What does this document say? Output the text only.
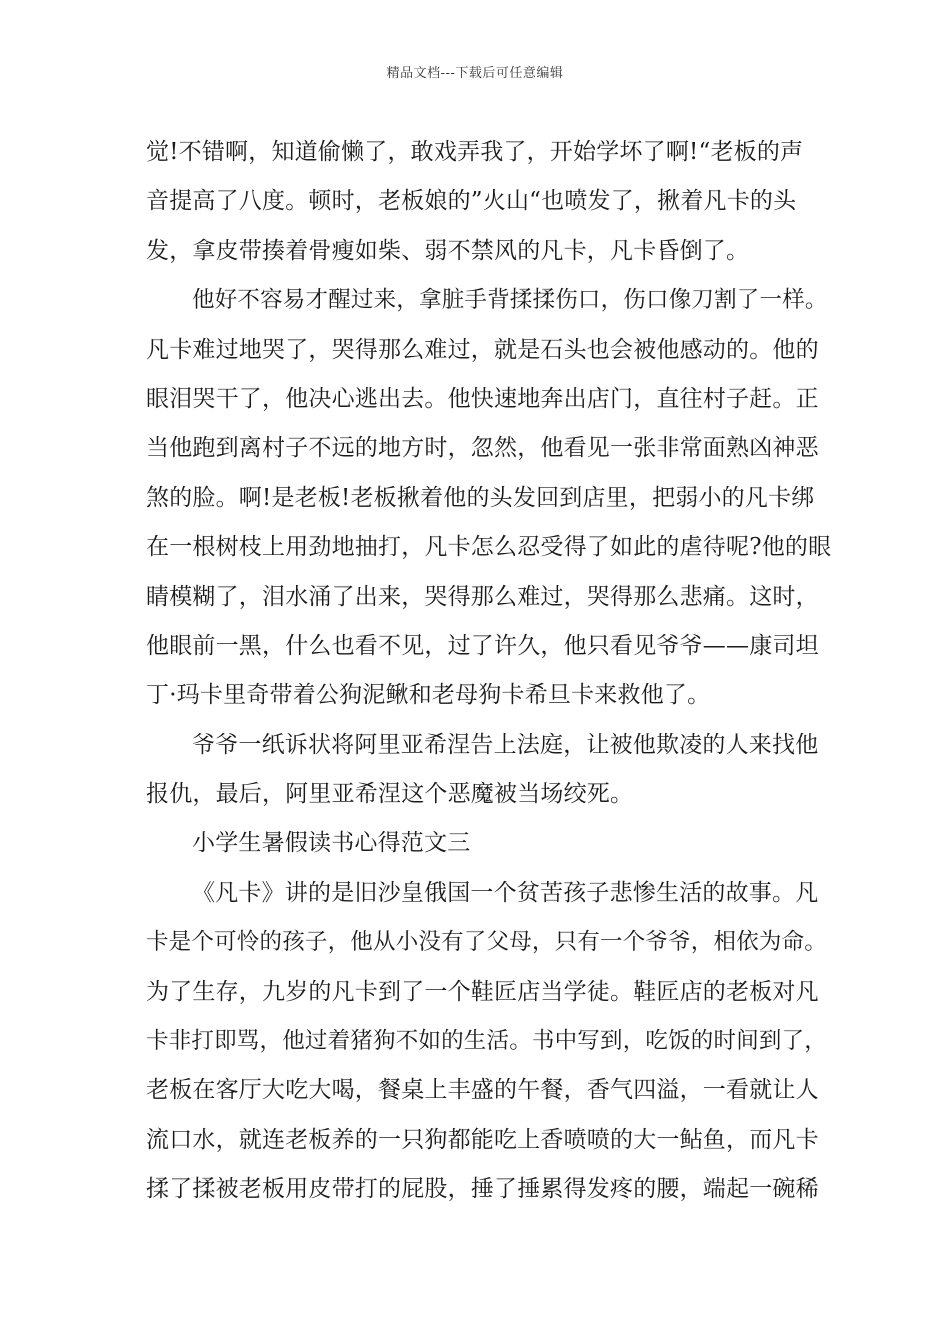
精品文档---下载后可任意编辑
觉!不错啊，知道偷懒了，敢戏弄我了，开始学坏了啊!“老板的声
音提高了八度。顿时，老板娘的”火山“也喷发了，揪着凡卡的头
发，拿皮带揍着骨瘦如柴、弱不禁风的凡卡，凡卡昏倒了。
他好不容易才醒过来，拿脏手背揉揉伤口，伤口像刀割了一样。
凡卡难过地哭了，哭得那么难过，就是石头也会被他感动的。他的
眼泪哭干了，他决心逃出去。他快速地奔出店门，直往村子赶。正
当他跑到离村子不远的地方时，忽然，他看见一张非常面熟凶神恶
煞的脸。啊!是老板!老板揪着他的头发回到店里，把弱小的凡卡绑
在一根树枝上用劲地抽打，凡卡怎么忍受得了如此的虐待呢?他的眼
睛模糊了，泪水涌了出来，哭得那么难过，哭得那么悲痛。这时，
他眼前一黑，什么也看不见，过了许久，他只看见爷爷——康司坦
丁·玛卡里奇带着公狗泥鳅和老母狗卡希旦卡来救他了。
爷爷一纸诉状将阿里亚希涅告上法庭，让被他欺凌的人来找他
报仇，最后，阿里亚希涅这个恶魔被当场绞死。
小学生暑假读书心得范文三
《凡卡》讲的是旧沙皇俄国一个贫苦孩子悲惨生活的故事。凡
卡是个可怜的孩子，他从小没有了父母，只有一个爷爷，相依为命。
为了生存，九岁的凡卡到了一个鞋匠店当学徒。鞋匠店的老板对凡
卡非打即骂，他过着猪狗不如的生活。书中写到，吃饭的时间到了，
老板在客厅大吃大喝，餐桌上丰盛的午餐，香气四溢，一看就让人
流口水，就连老板养的一只狗都能吃上香喷喷的大一鲇鱼，而凡卡
揉了揉被老板用皮带打的屁股，捶了捶累得发疼的腰，端起一碗稀
